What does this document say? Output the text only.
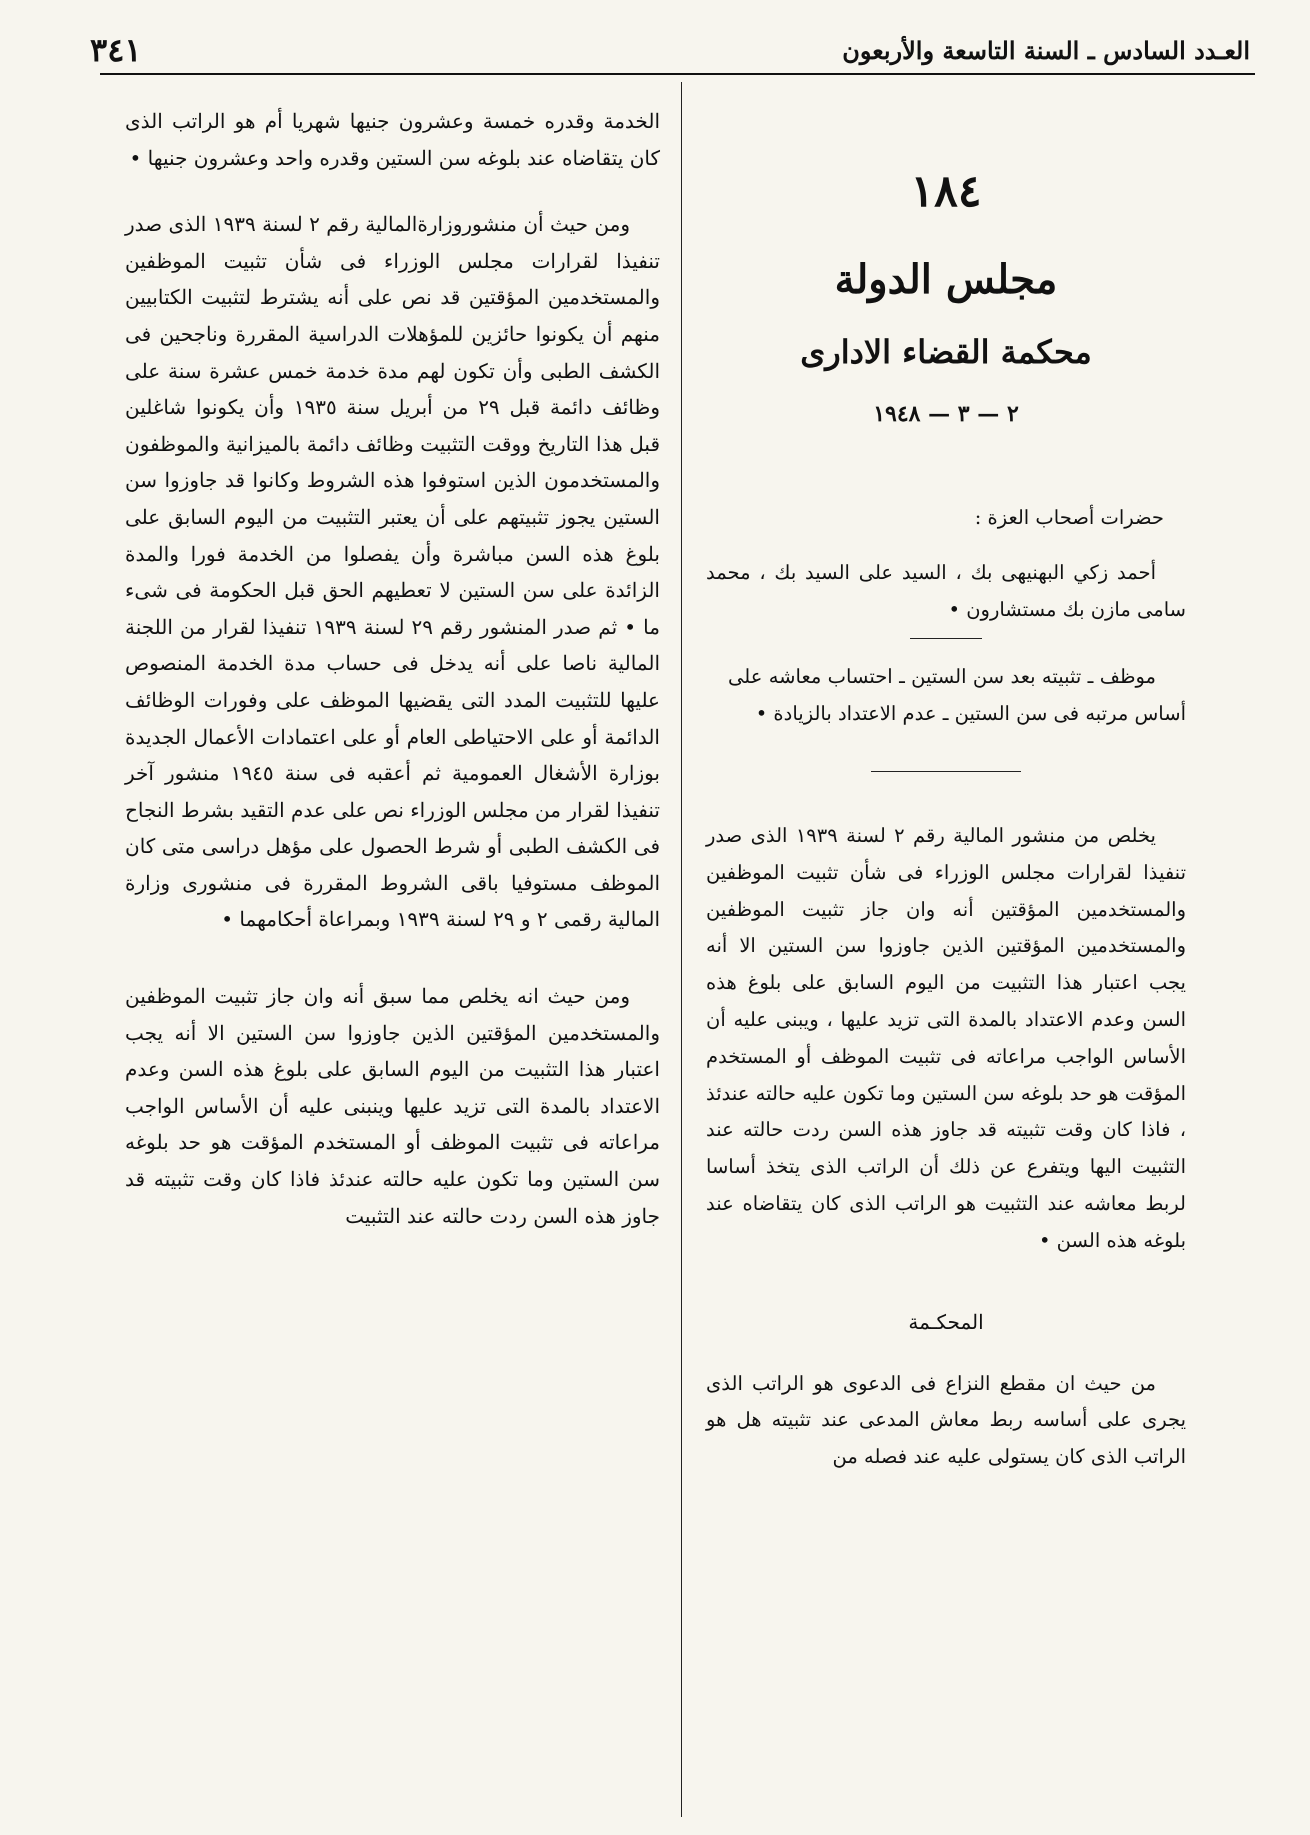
العـدد السادس ـ السنة التاسعة والأربعون
٣٤١
١٨٤
مجلس الدولة
محكمة القضاء الادارى
٢ — ٣ — ١٩٤٨

حضرات أصحاب العزة :

أحمد زكي البهنيهى بك ، السيد على السيد بك ، محمد سامى مازن بك مستشارون •

موظف ـ تثبيته بعد سن الستين ـ احتساب معاشه على أساس مرتبه فى سن الستين ـ عدم الاعتداد بالزيادة •

يخلص من منشور المالية رقم ٢ لسنة ١٩٣٩ الذى صدر تنفيذا لقرارات مجلس الوزراء فى شأن تثبيت الموظفين والمستخدمين المؤقتين أنه وان جاز تثبيت الموظفين والمستخدمين المؤقتين الذين جاوزوا سن الستين الا أنه يجب اعتبار هذا التثبيت من اليوم السابق على بلوغ هذه السن وعدم الاعتداد بالمدة التى تزيد عليها ، ويبنى عليه أن الأساس الواجب مراعاته فى تثبيت الموظف أو المستخدم المؤقت هو حد بلوغه سن الستين وما تكون عليه حالته عندئذ ، فاذا كان وقت تثبيته قد جاوز هذه السن ردت حالته عند التثبيت اليها ويتفرع عن ذلك أن الراتب الذى يتخذ أساسا لربط معاشه عند التثبيت هو الراتب الذى كان يتقاضاه عند بلوغه هذه السن •

المحكـمة

من حيث ان مقطع النزاع فى الدعوى هو الراتب الذى يجرى على أساسه ربط معاش المدعى عند تثبيته هل هو الراتب الذى كان يستولى عليه عند فصله من

الخدمة وقدره خمسة وعشرون جنيها شهريا أم هو الراتب الذى كان يتقاضاه عند بلوغه سن الستين وقدره واحد وعشرون جنيها •

ومن حيث أن منشوروزارةالمالية رقم ٢ لسنة ١٩٣٩ الذى صدر تنفيذا لقرارات مجلس الوزراء فى شأن تثبيت الموظفين والمستخدمين المؤقتين قد نص على أنه يشترط لتثبيت الكتابيين منهم أن يكونوا حائزين للمؤهلات الدراسية المقررة وناجحين فى الكشف الطبى وأن تكون لهم مدة خدمة خمس عشرة سنة على وظائف دائمة قبل ٢٩ من أبريل سنة ١٩٣٥ وأن يكونوا شاغلين قبل هذا التاريخ ووقت التثبيت وظائف دائمة بالميزانية والموظفون والمستخدمون الذين استوفوا هذه الشروط وكانوا قد جاوزوا سن الستين يجوز تثبيتهم على أن يعتبر التثبيت من اليوم السابق على بلوغ هذه السن مباشرة وأن يفصلوا من الخدمة فورا والمدة الزائدة على سن الستين لا تعطيهم الحق قبل الحكومة فى شىء ما • ثم صدر المنشور رقم ٢٩ لسنة ١٩٣٩ تنفيذا لقرار من اللجنة المالية ناصا على أنه يدخل فى حساب مدة الخدمة المنصوص عليها للتثبيت المدد التى يقضيها الموظف على وفورات الوظائف الدائمة أو على الاحتياطى العام أو على اعتمادات الأعمال الجديدة بوزارة الأشغال العمومية ثم أعقبه فى سنة ١٩٤٥ منشور آخر تنفيذا لقرار من مجلس الوزراء نص على عدم التقيد بشرط النجاح فى الكشف الطبى أو شرط الحصول على مؤهل دراسى متى كان الموظف مستوفيا باقى الشروط المقررة فى منشورى وزارة المالية رقمى ٢ و ٢٩ لسنة ١٩٣٩ وبمراعاة أحكامهما •

ومن حيث انه يخلص مما سبق أنه وان جاز تثبيت الموظفين والمستخدمين المؤقتين الذين جاوزوا سن الستين الا أنه يجب اعتبار هذا التثبيت من اليوم السابق على بلوغ هذه السن وعدم الاعتداد بالمدة التى تزيد عليها وينبنى عليه أن الأساس الواجب مراعاته فى تثبيت الموظف أو المستخدم المؤقت هو حد بلوغه سن الستين وما تكون عليه حالته عندئذ فاذا كان وقت تثبيته قد جاوز هذه السن ردت حالته عند التثبيت
